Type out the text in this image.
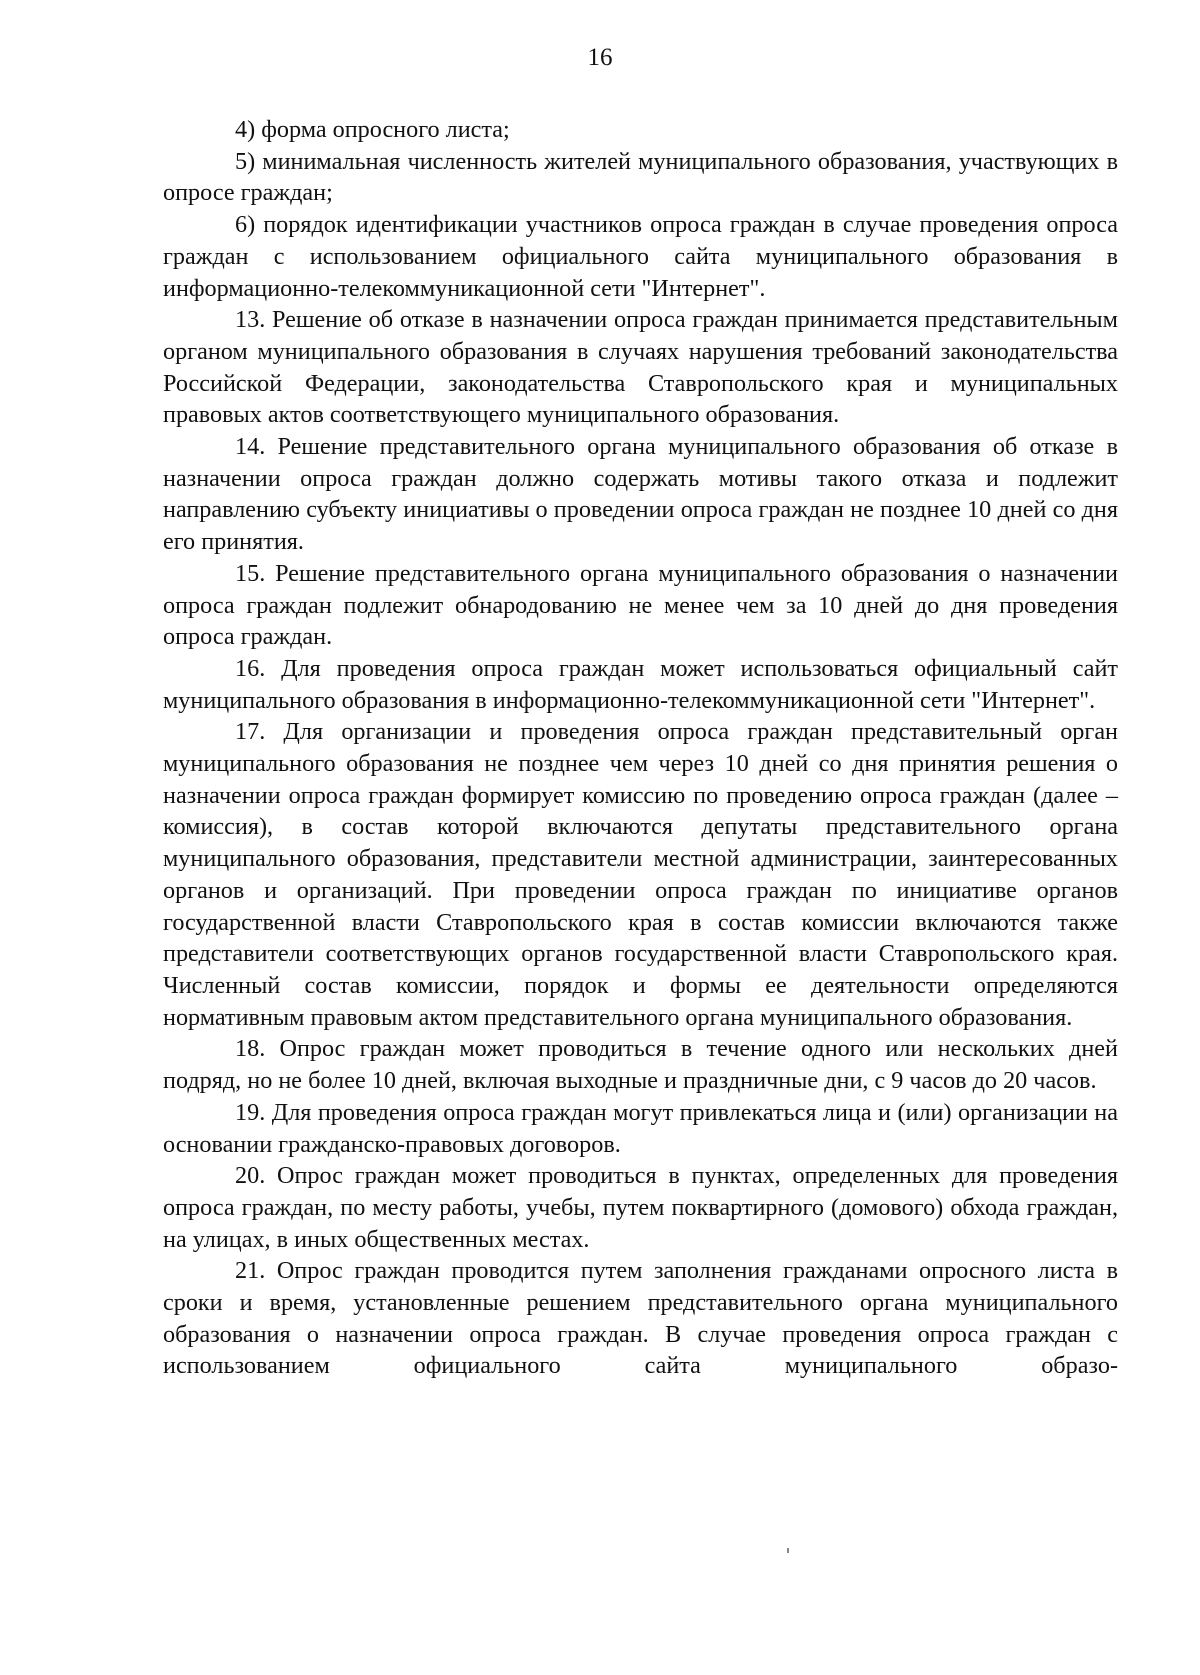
16

4) форма опросного листа;

5) минимальная численность жителей муниципального образования, участвующих в опросе граждан;

6) порядок идентификации участников опроса граждан в случае проведения опроса граждан с использованием официального сайта муниципального образования в информационно-телекоммуникационной сети "Интернет".

13. Решение об отказе в назначении опроса граждан принимается представительным органом муниципального образования в случаях нарушения требований законодательства Российской Федерации, законодательства Ставропольского края и муниципальных правовых актов соответствующего муниципального образования.

14. Решение представительного органа муниципального образования об отказе в назначении опроса граждан должно содержать мотивы такого отказа и подлежит направлению субъекту инициативы о проведении опроса граждан не позднее 10 дней со дня его принятия.

15. Решение представительного органа муниципального образования о назначении опроса граждан подлежит обнародованию не менее чем за 10 дней до дня проведения опроса граждан.

16. Для проведения опроса граждан может использоваться официальный сайт муниципального образования в информационно-телекоммуникационной сети "Интернет".

17. Для организации и проведения опроса граждан представительный орган муниципального образования не позднее чем через 10 дней со дня принятия решения о назначении опроса граждан формирует комиссию по проведению опроса граждан (далее – комиссия), в состав которой включаются депутаты представительного органа муниципального образования, представители местной администрации, заинтересованных органов и организаций. При проведении опроса граждан по инициативе органов государственной власти Ставропольского края в состав комиссии включаются также представители соответствующих органов государственной власти Ставропольского края. Численный состав комиссии, порядок и формы ее деятельности определяются нормативным правовым актом представительного органа муниципального образования.

18. Опрос граждан может проводиться в течение одного или нескольких дней подряд, но не более 10 дней, включая выходные и праздничные дни, с 9 часов до 20 часов.

19. Для проведения опроса граждан могут привлекаться лица и (или) организации на основании гражданско-правовых договоров.

20. Опрос граждан может проводиться в пунктах, определенных для проведения опроса граждан, по месту работы, учебы, путем поквартирного (домового) обхода граждан, на улицах, в иных общественных местах.

21. Опрос граждан проводится путем заполнения гражданами опросного листа в сроки и время, установленные решением представительного органа муниципального образования о назначении опроса граждан. В случае проведения опроса граждан с использованием официального сайта муниципального образо-
